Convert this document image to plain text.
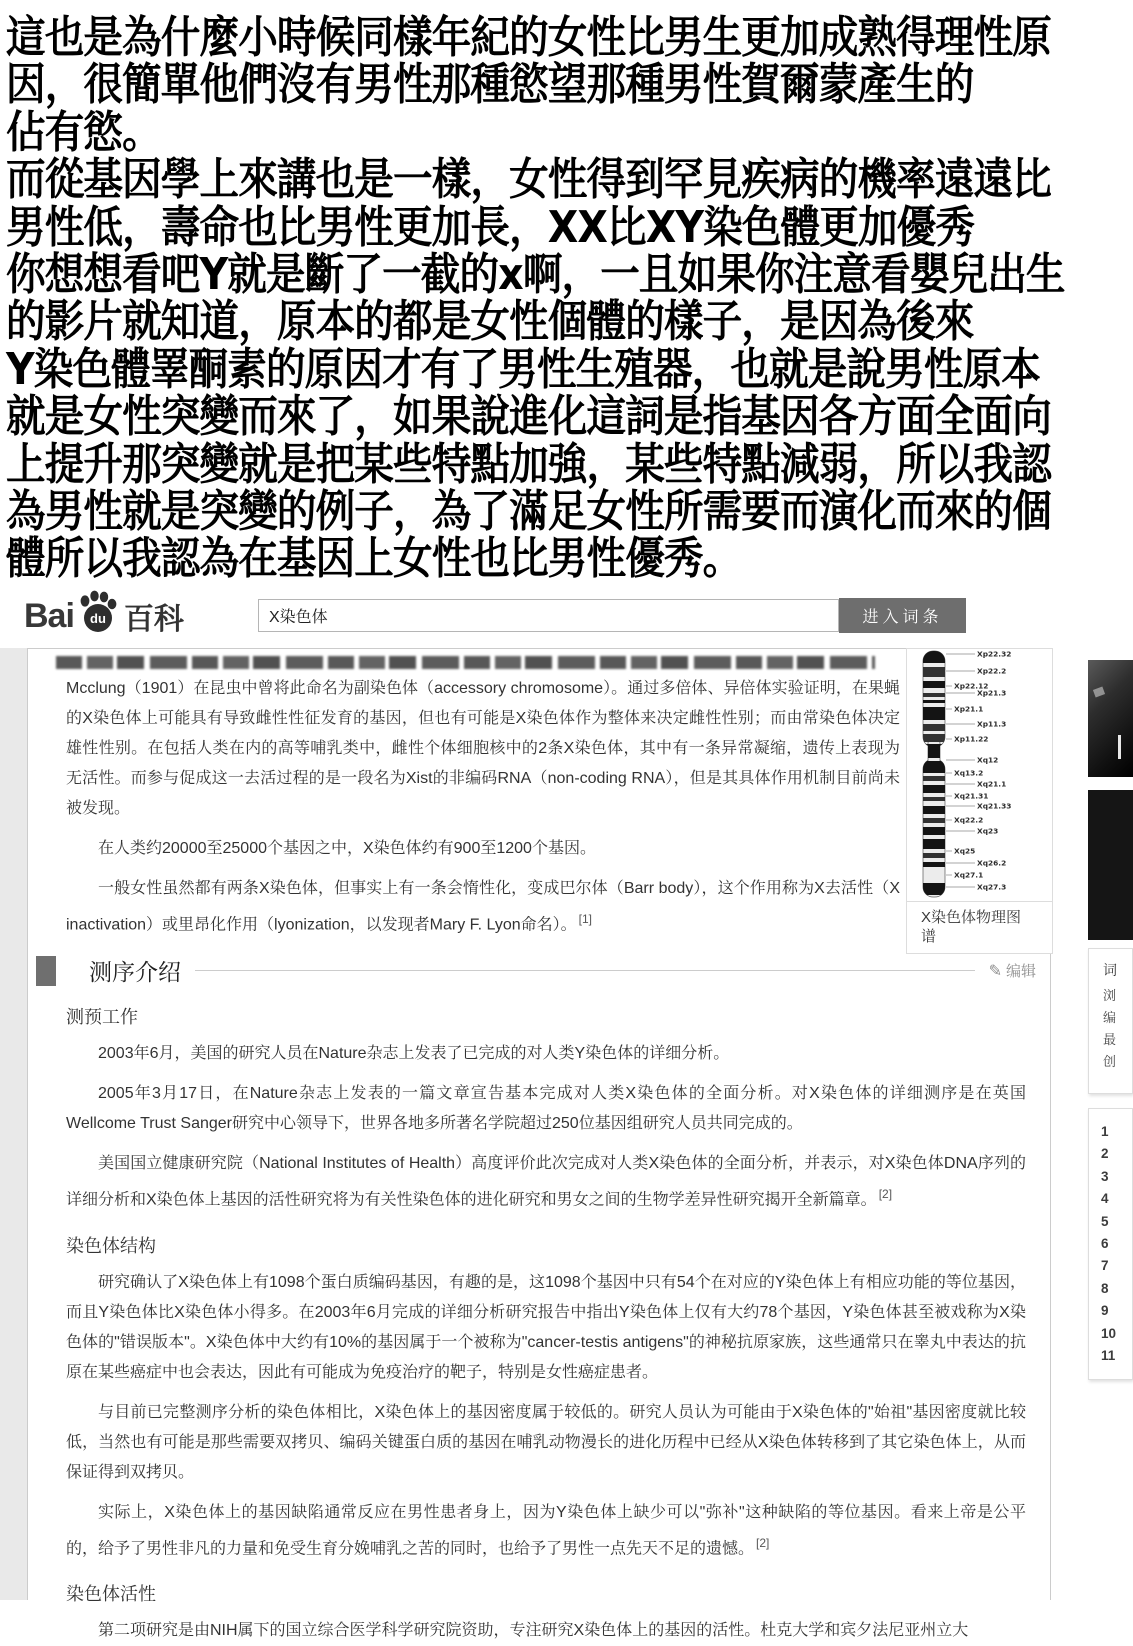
這也是為什麼小時候同樣年紀的女性比男生更加成熟得理性原
因，很簡單他們沒有男性那種慾望那種男性賀爾蒙產生的
佔有慾。
而從基因學上來講也是一樣，女性得到罕見疾病的機率遠遠比
男性低，壽命也比男性更加長，XX比XY染色體更加優秀
你想想看吧Y就是斷了一截的x啊，一且如果你注意看嬰兒出生
的影片就知道，原本的都是女性個體的樣子，是因為後來
Y染色體睪酮素的原因才有了男性生殖器，也就是說男性原本
就是女性突變而來了，如果說進化這詞是指基因各方面全面向
上提升那突變就是把某些特點加強，某些特點減弱，所以我認
為男性就是突變的例子，為了滿足女性所需要而演化而來的個
體所以我認為在基因上女性也比男性優秀。
Bai du 百科
X染色体	进入词条
Xp22.32
Xp22.2
Xp22.12
Xp21.3
Xp21.1
Xp11.3
Xp11.22
Xq12
Xq13.2
Xq21.1
Xq21.31
Xq21.33
Xq22.2
Xq23
Xq25
Xq26.2
Xq27.1
Xq27.3
X染色体物理图谱

Mcclung（1901）在昆虫中曾将此命名为副染色体（accessory chromosome）。通过多倍体、异倍体实验证明，在果蝇的X染色体上可能具有导致雌性性征发育的基因，但也有可能是X染色体作为整体来决定雌性性别；而由常染色体决定雄性性别。在包括人类在内的高等哺乳类中，雌性个体细胞核中的2条X染色体，其中有一条异常凝缩，遗传上表现为无活性。而参与促成这一去活过程的是一段名为Xist的非编码RNA（non-coding RNA），但是其具体作用机制目前尚未被发现。

在人类约20000至25000个基因之中，X染色体约有900至1200个基因。

一般女性虽然都有两条X染色体，但事实上有一条会惰性化，变成巴尔体（Barr body），这个作用称为X去活性（X inactivation）或里昂化作用（lyonization，以发现者Mary F. Lyon命名）。 [1]

测序介绍	✎ 编辑
测预工作

2003年6月，美国的研究人员在Nature杂志上发表了已完成的对人类Y染色体的详细分析。

2005年3月17日，在Nature杂志上发表的一篇文章宣告基本完成对人类X染色体的全面分析。对X染色体的详细测序是在英国Wellcome Trust Sanger研究中心领导下，世界各地多所著名学院超过250位基因组研究人员共同完成的。

美国国立健康研究院（National Institutes of Health）高度评价此次完成对人类X染色体的全面分析，并表示，对X染色体DNA序列的详细分析和X染色体上基因的活性研究将为有关性染色体的进化研究和男女之间的生物学差异性研究揭开全新篇章。 [2]

染色体结构

研究确认了X染色体上有1098个蛋白质编码基因，有趣的是，这1098个基因中只有54个在对应的Y染色体上有相应功能的等位基因，而且Y染色体比X染色体小得多。在2003年6月完成的详细分析研究报告中指出Y染色体上仅有大约78个基因，Y染色体甚至被戏称为X染色体的"错误版本"。X染色体中大约有10%的基因属于一个被称为"cancer-testis antigens"的神秘抗原家族，这些通常只在睾丸中表达的抗原在某些癌症中也会表达，因此有可能成为免疫治疗的靶子，特别是女性癌症患者。

与目前已完整测序分析的染色体相比，X染色体上的基因密度属于较低的。研究人员认为可能由于X染色体的"始祖"基因密度就比较低，当然也有可能是那些需要双拷贝、编码关键蛋白质的基因在哺乳动物漫长的进化历程中已经从X染色体转移到了其它染色体上，从而保证得到双拷贝。

实际上，X染色体上的基因缺陷通常反应在男性患者身上，因为Y染色体上缺少可以"弥补"这种缺陷的等位基因。看来上帝是公平的，给予了男性非凡的力量和免受生育分娩哺乳之苦的同时，也给予了男性一点先天不足的遗憾。 [2]

染色体活性

第二项研究是由NIH属下的国立综合医学科学研究院资助，专注研究X染色体上的基因的活性。杜克大学和宾夕法尼亚州立大

词
浏
编
最
创
1
2
3
4
5
6
7
8
9
10
11
